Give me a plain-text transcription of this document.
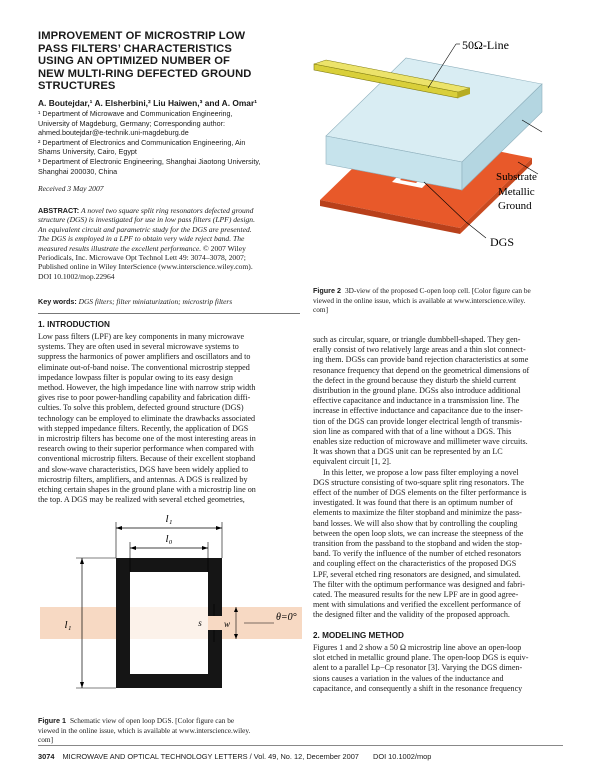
IMPROVEMENT OF MICROSTRIP LOW
PASS FILTERS’ CHARACTERISTICS
USING AN OPTIMIZED NUMBER OF
NEW MULTI-RING DEFECTED GROUND
STRUCTURES
A. Boutejdar,¹ A. Elsherbini,² Liu Haiwen,³ and A. Omar¹
¹ Department of Microwave and Communication Engineering,
University of Magdeburg, Germany; Corresponding author:
ahmed.boutejdar@e-technik.uni-magdeburg.de
² Department of Electronics and Communication Engineering, Ain
Shams University, Cairo, Egypt
³ Department of Electronic Engineering, Shanghai Jiaotong University,
Shanghai 200030, China
Received 3 May 2007
ABSTRACT: A novel two square split ring resonators defected ground
structure (DGS) is investigated for use in low pass filters (LPF) design.
An equivalent circuit and parametric study for the DGS are presented.
The DGS is employed in a LPF to obtain very wide reject band. The
measured results illustrate the excellent performance. © 2007 Wiley
Periodicals, Inc. Microwave Opt Technol Lett 49: 3074–3078, 2007;
Published online in Wiley InterScience (www.interscience.wiley.com).
DOI 10.1002/mop.22964
Key words: DGS filters; filter miniaturization; microstrip filters
1. INTRODUCTION
Low pass filters (LPF) are key components in many microwave
systems. They are often used in several microwave systems to
suppress the harmonics of power amplifiers and oscillators and to
eliminate out-of-band noise. The conventional microstrip stepped
impedance lowpass filter is popular owing to its easy design
method. However, the high impedance line with narrow strip width
gives rise to poor power-handling capability and fabrication diffi-
culties. To solve this problem, defected ground structure (DGS)
technology can be employed to eliminate the drawbacks associated
with stepped impedance filters. Recently, the application of DGS
in microstrip filters has become one of the most interesting areas in
research owing to their superior performance when compared with
conventional microstrip filters. Because of their excellent stopband
and slow-wave characteristics, DGS have been widely applied to
microstrip filters, amplifiers, and antennas. A DGS is realized by
etching certain shapes in the ground plane with a microstrip line on
the top. A DGS may be realized with several etched geometries,
l₁
l₀
l₁	s w
θ=0°
Figure 1 Schematic view of open loop DGS. [Color figure can be
viewed in the online issue, which is available at www.interscience.wiley.
com]
50Ω-Line
Substrate
Metallic
Ground
DGS
Figure 2 3D-view of the proposed C-open loop cell. [Color figure can be
viewed in the online issue, which is available at www.interscience.wiley.
com]
such as circular, square, or triangle dumbbell-shaped. They gen-
erally consist of two relatively large areas and a thin slot connect-
ing them. DGSs can provide band rejection characteristics at some
resonance frequency that depend on the geometrical dimensions of
the defect in the ground because they disturb the shield current
distribution in the ground plane. DGSs also introduce additional
effective capacitance and inductance in a transmission line. The
increase in effective inductance and capacitance due to the inser-
tion of the DGS can provide longer electrical length of transmis-
sion line as compared with that of a line without a DGS. This
enables size reduction of microwave and millimeter wave circuits.
It was shown that a DGS unit can be represented by an LC
equivalent circuit [1, 2].
In this letter, we propose a low pass filter employing a novel
DGS structure consisting of two-square split ring resonators. The
effect of the number of DGS elements on the filter performance is
investigated. It was found that there is an optimum number of
elements to maximize the filter stopband and minimize the pass-
band losses. We will also show that by controlling the coupling
between the open loop slots, we can increase the steepness of the
transition from the passband to the stopband and widen the stop-
band. To verify the influence of the number of etched resonators
and coupling effect on the characteristics of the proposed DGS
LPF, several etched ring resonators are designed, and simulated.
The filter with the optimum performance was designed and fabri-
cated. The measured results for the new LPF are in good agree-
ment with simulations and verified the excellent performance of
the designed filter and the validity of the proposed approach.
2. MODELING METHOD
Figures 1 and 2 show a 50 Ω microstrip line above an open-loop
slot etched in metallic ground plane. The open-loop DGS is equiv-
alent to a parallel Lp−Cp resonator [3]. Varying the DGS dimen-
sions causes a variation in the values of the inductance and
capacitance, and consequently a shift in the resonance frequency
3074 MICROWAVE AND OPTICAL TECHNOLOGY LETTERS / Vol. 49, No. 12, December 2007 DOI 10.1002/mop
